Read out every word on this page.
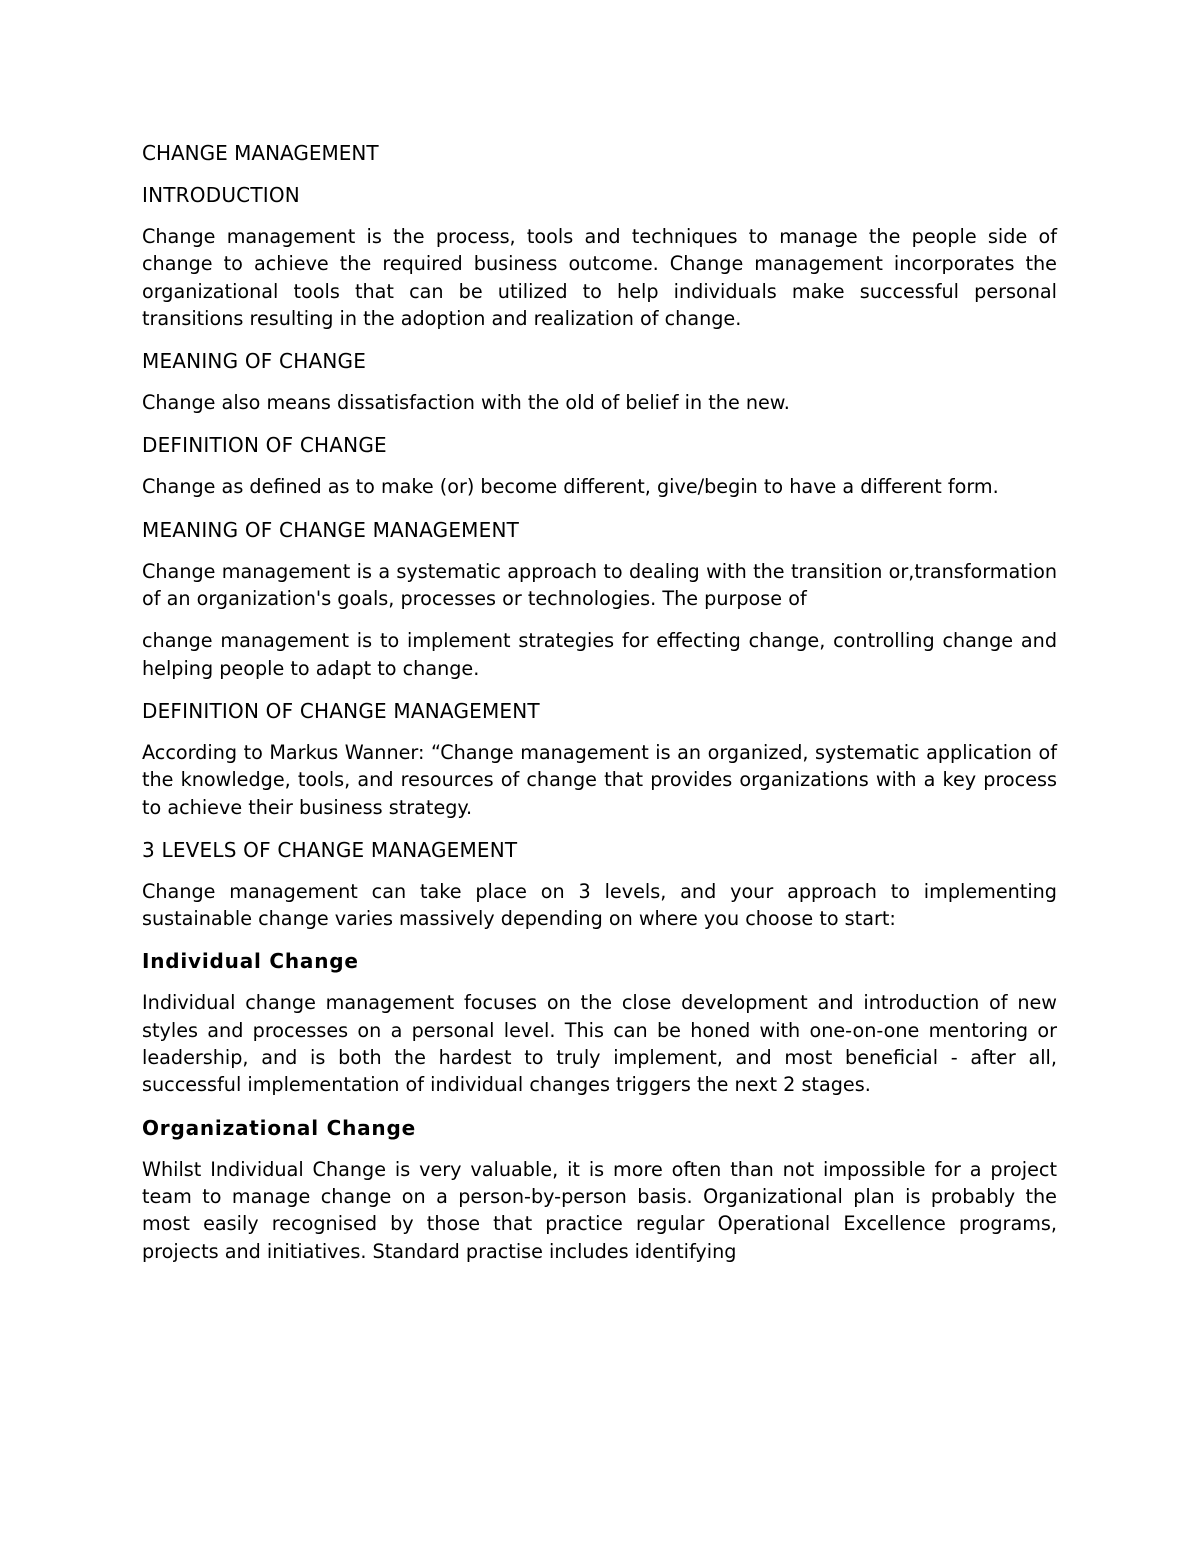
CHANGE MANAGEMENT
INTRODUCTION

Change management is the process, tools and techniques to manage the people side of change to achieve the required business outcome. Change management incorporates the organizational tools that can be utilized to help individuals make successful personal transitions resulting in the adoption and realization of change.

MEANING OF CHANGE

Change also means dissatisfaction with the old of belief in the new.

DEFINITION OF CHANGE

Change as defined as to make (or) become different, give/begin to have a different form.

MEANING OF CHANGE MANAGEMENT

Change management is a systematic approach to dealing with the transition or,transformation of an organization's goals, processes or technologies. The purpose of

change management is to implement strategies for effecting change, controlling change and helping people to adapt to change.

DEFINITION OF CHANGE MANAGEMENT

According to Markus Wanner: “Change management is an organized, systematic application of the knowledge, tools, and resources of change that provides organizations with a key process to achieve their business strategy.

3 LEVELS OF CHANGE MANAGEMENT

Change management can take place on 3 levels, and your approach to implementing sustainable change varies massively depending on where you choose to start:

Individual Change

Individual change management focuses on the close development and introduction of new styles and processes on a personal level. This can be honed with one-on-one mentoring or leadership, and is both the hardest to truly implement, and most beneficial - after all, successful implementation of individual changes triggers the next 2 stages.

Organizational Change

Whilst Individual Change is very valuable, it is more often than not impossible for a project team to manage change on a person-by-person basis. Organizational plan is probably the most easily recognised by those that practice regular Operational Excellence programs, projects and initiatives. Standard practise includes identifying
